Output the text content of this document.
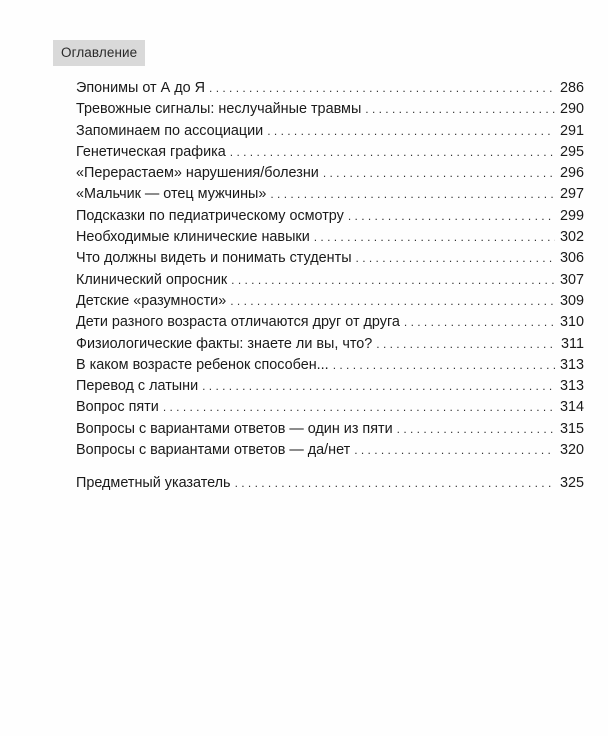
Оглавление
Эпонимы от А до Я . . .	286
Тревожные сигналы: неслучайные травмы . . .	290
Запоминаем по ассоциации . . .	291
Генетическая графика . . .	295
«Перерастаем» нарушения/болезни . . .	296
«Мальчик — отец мужчины» . . .	297
Подсказки по педиатрическому осмотру . . .	299
Необходимые клинические навыки . . .	302
Что должны видеть и понимать студенты . . .	306
Клинический опросник . . .	307
Детские «разумности» . . .	309
Дети разного возраста отличаются друг от друга . . .	310
Физиологические факты: знаете ли вы, что? . . .	311
В каком возрасте ребенок способен... . . .	313
Перевод с латыни . . .	313
Вопрос пяти . . .	314
Вопросы с вариантами ответов — один из пяти . . .	315
Вопросы с вариантами ответов — да/нет . . .	320
Предметный указатель . . .	325
